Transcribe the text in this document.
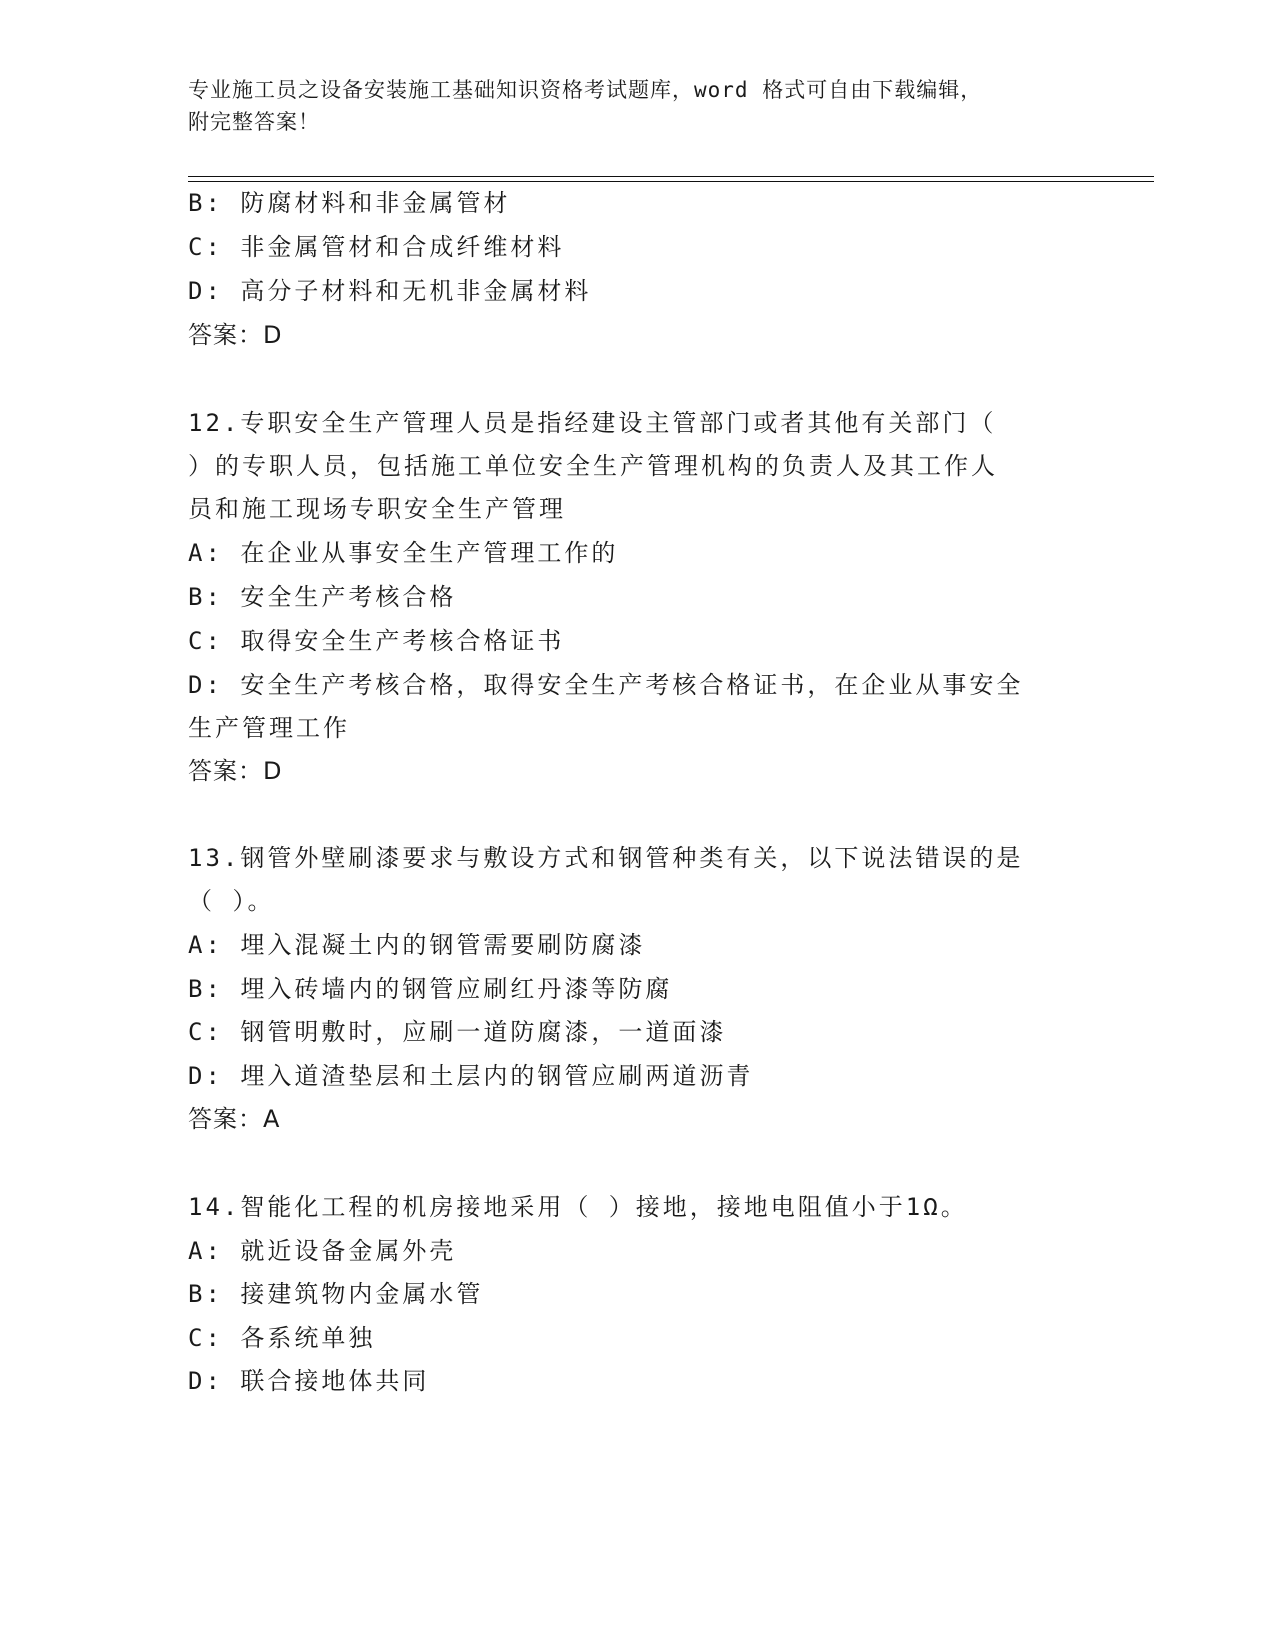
专业施工员之设备安装施工基础知识资格考试题库，word 格式可自由下载编辑，
附完整答案！
B: 防腐材料和非金属管材
C: 非金属管材和合成纤维材料
D: 高分子材料和无机非金属材料
答案：D
12.专职安全生产管理人员是指经建设主管部门或者其他有关部门（
）的专职人员，包括施工单位安全生产管理机构的负责人及其工作人
员和施工现场专职安全生产管理
A: 在企业从事安全生产管理工作的
B: 安全生产考核合格
C: 取得安全生产考核合格证书
D: 安全生产考核合格，取得安全生产考核合格证书，在企业从事安全
生产管理工作
答案：D
13.钢管外壁刷漆要求与敷设方式和钢管种类有关，以下说法错误的是
（ ）。
A: 埋入混凝土内的钢管需要刷防腐漆
B: 埋入砖墙内的钢管应刷红丹漆等防腐
C: 钢管明敷时，应刷一道防腐漆，一道面漆
D: 埋入道渣垫层和土层内的钢管应刷两道沥青
答案：A
14.智能化工程的机房接地采用（ ）接地，接地电阻值小于1Ω。
A: 就近设备金属外壳
B: 接建筑物内金属水管
C: 各系统单独
D: 联合接地体共同
